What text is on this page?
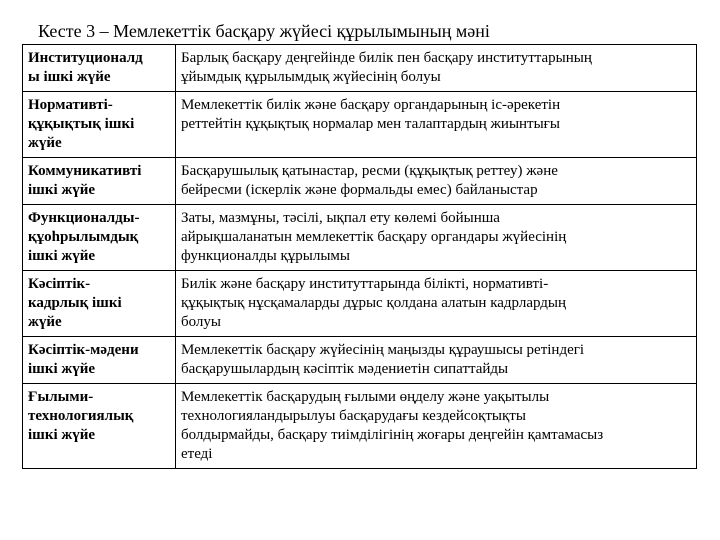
Кесте 3 – Мемлекеттік басқару жүйесі құрылымының мәні
Институционалд
ы ішкі жүйе	Барлық басқару деңгейінде билік пен басқару институттарының
ұйымдық құрылымдық жүйесінің болуы
Нормативті-
құқықтық ішкі
жүйе	Мемлекеттік билік және басқару органдарының іс-әрекетін
реттейтін құқықтық нормалар мен талаптардың жиынтығы
Коммуникативті
ішкі жүйе	Басқарушылық қатынастар, ресми (құқықтық реттеу) және
бейресми (іскерлік және формальды емес) байланыстар
Функционалды-
құоһрылымдық
ішкі жүйе	Заты, мазмұны, тәсілі, ықпал ету көлемі бойынша
айрықшаланатын мемлекеттік басқару органдары жүйесінің
функционалды құрылымы
Кәсіптік-
кадрлық ішкі
жүйе	Билік және басқару институттарында білікті, нормативті-
құқықтық нұсқамаларды дұрыс қолдана алатын кадрлардың
болуы
Кәсіптік-мәдени
ішкі жүйе	Мемлекеттік басқару жүйесінің маңызды құраушысы ретіндегі
басқарушылардың кәсіптік мәдениетін сипаттайды
Ғылыми-
технологиялық
ішкі жүйе	Мемлекеттік басқарудың ғылыми өңделу және уақытылы
технологияландырылуы басқарудағы кездейсоқтықты
болдырмайды, басқару тиімділігінің жоғары деңгейін қамтамасыз
етеді
